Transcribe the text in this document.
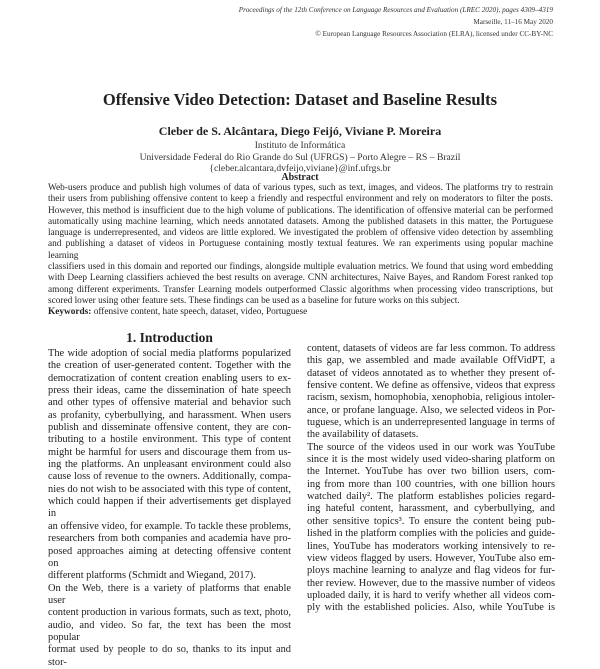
Proceedings of the 12th Conference on Language Resources and Evaluation (LREC 2020), pages 4309–4319
Marseille, 11–16 May 2020
© European Language Resources Association (ELRA), licensed under CC-BY-NC
Offensive Video Detection: Dataset and Baseline Results
Cleber de S. Alcântara, Diego Feijó, Viviane P. Moreira
Instituto de Informática
Universidade Federal do Rio Grande do Sul (UFRGS) – Porto Alegre – RS – Brazil
{cleber.alcantara,dvfeijo,viviane}@inf.ufrgs.br
Abstract
Web-users produce and publish high volumes of data of various types, such as text, images, and videos. The platforms try to restrain
their users from publishing offensive content to keep a friendly and respectful environment and rely on moderators to filter the posts.
However, this method is insufficient due to the high volume of publications. The identification of offensive material can be performed
automatically using machine learning, which needs annotated datasets. Among the published datasets in this matter, the Portuguese
language is underrepresented, and videos are little explored. We investigated the problem of offensive video detection by assembling
and publishing a dataset of videos in Portuguese containing mostly textual features. We ran experiments using popular machine learning
classifiers used in this domain and reported our findings, alongside multiple evaluation metrics. We found that using word embedding
with Deep Learning classifiers achieved the best results on average. CNN architectures, Naive Bayes, and Random Forest ranked top
among different experiments. Transfer Learning models outperformed Classic algorithms when processing video transcriptions, but
scored lower using other feature sets. These findings can be used as a baseline for future works on this subject.
Keywords: offensive content, hate speech, dataset, video, Portuguese
1. Introduction
The wide adoption of social media platforms popularized
the creation of user-generated content. Together with the
democratization of content creation enabling users to ex-
press their ideas, came the dissemination of hate speech
and other types of offensive material and behavior such
as profanity, cyberbullying, and harassment. When users
publish and disseminate offensive content, they are con-
tributing to a hostile environment. This type of content
might be harmful for users and discourage them from us-
ing the platforms. An unpleasant environment could also
cause loss of revenue to the owners. Additionally, compa-
nies do not wish to be associated with this type of content,
which could happen if their advertisements get displayed in
an offensive video, for example. To tackle these problems,
researchers from both companies and academia have pro-
posed approaches aiming at detecting offensive content on
different platforms (Schmidt and Wiegand, 2017).
On the Web, there is a variety of platforms that enable user
content production in various formats, such as text, photo,
audio, and video. So far, the text has been the most popular
format used by people to do so, thanks to its input and stor-
content, datasets of videos are far less common. To address
this gap, we assembled and made available OffVidPT, a
dataset of videos annotated as to whether they present of-
fensive content. We define as offensive, videos that express
racism, sexism, homophobia, xenophobia, religious intoler-
ance, or profane language. Also, we selected videos in Por-
tuguese, which is an underrepresented language in terms of
the availability of datasets.
The source of the videos used in our work was YouTube
since it is the most widely used video-sharing platform on
the Internet. YouTube has over two billion users, com-
ing from more than 100 countries, with one billion hours
watched daily². The platform establishes policies regard-
ing hateful content, harassment, and cyberbullying, and
other sensitive topics³. To ensure the content being pub-
lished in the platform complies with the policies and guide-
lines, YouTube has moderators working intensively to re-
view videos flagged by users. However, YouTube also em-
ploys machine learning to analyze and flag videos for fur-
ther review. However, due to the massive number of videos
uploaded daily, it is hard to verify whether all videos com-
ply with the established policies. Also, while YouTube is
